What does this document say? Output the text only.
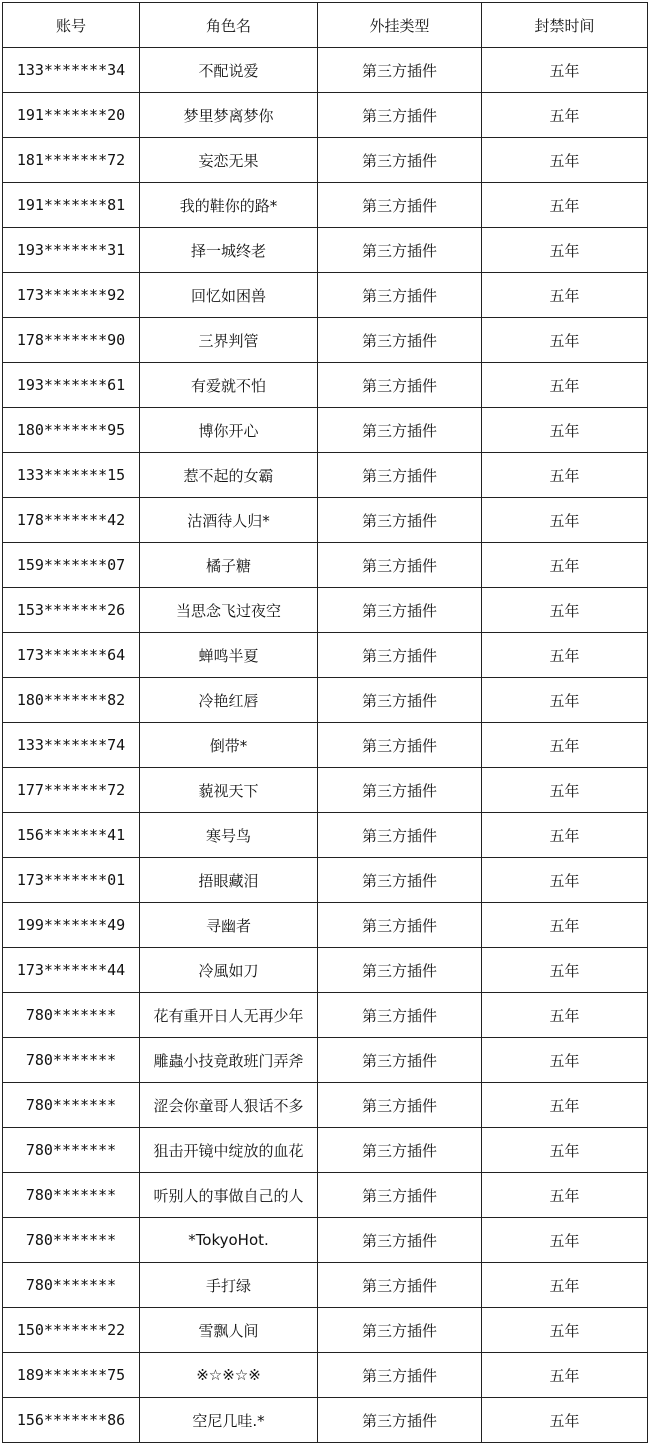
账号	角色名	外挂类型	封禁时间
133*******34	不配说爱	第三方插件	五年
191*******20	梦里梦离梦你	第三方插件	五年
181*******72	妄恋无果	第三方插件	五年
191*******81	我的鞋你的路*	第三方插件	五年
193*******31	择一城终老	第三方插件	五年
173*******92	回忆如困兽	第三方插件	五年
178*******90	三界判管	第三方插件	五年
193*******61	有爱就不怕	第三方插件	五年
180*******95	博你开心	第三方插件	五年
133*******15	惹不起的女霸	第三方插件	五年
178*******42	沽酒待人归*	第三方插件	五年
159*******07	橘子糖	第三方插件	五年
153*******26	当思念飞过夜空	第三方插件	五年
173*******64	蝉鸣半夏	第三方插件	五年
180*******82	冷艳红唇	第三方插件	五年
133*******74	倒带*	第三方插件	五年
177*******72	藐视天下	第三方插件	五年
156*******41	寒号鸟	第三方插件	五年
173*******01	捂眼藏泪	第三方插件	五年
199*******49	寻幽者	第三方插件	五年
173*******44	冷風如刀	第三方插件	五年
780*******	花有重开日人无再少年	第三方插件	五年
780*******	雕蟲小技竟敢班门弄斧	第三方插件	五年
780*******	涩会你童哥人狠话不多	第三方插件	五年
780*******	狙击开镜中绽放的血花	第三方插件	五年
780*******	听别人的事做自己的人	第三方插件	五年
780*******	*TokyoHot.	第三方插件	五年
780*******	手打绿	第三方插件	五年
150*******22	雪飘人间	第三方插件	五年
189*******75	※☆※☆※	第三方插件	五年
156*******86	空尼几哇.*	第三方插件	五年
